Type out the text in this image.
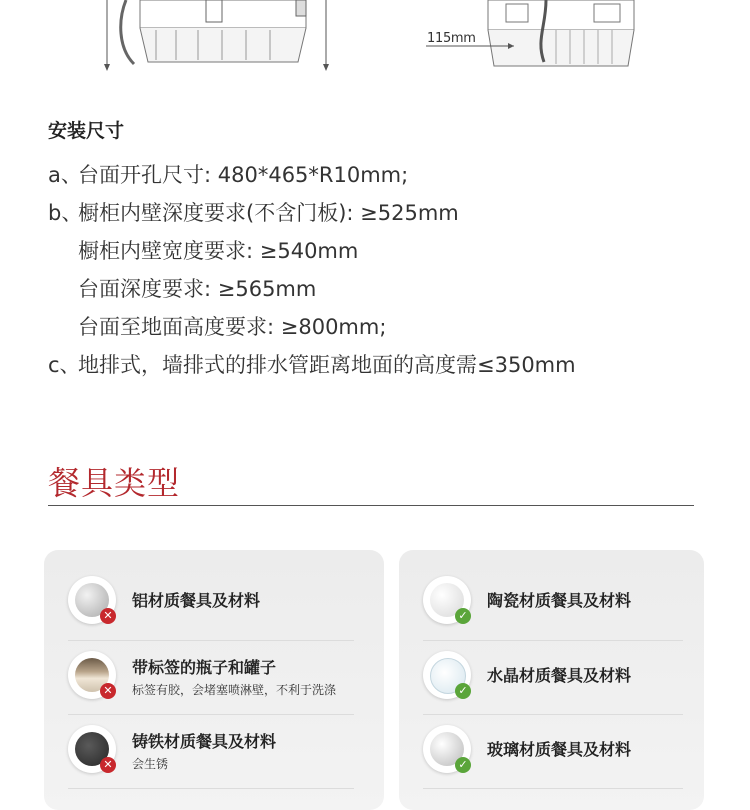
115mm
安装尺寸
a、台面开孔尺寸: 480*465*R10mm;
b、橱柜内壁深度要求(不含门板): ≥525mm
橱柜内壁宽度要求: ≥540mm
台面深度要求: ≥565mm
台面至地面高度要求: ≥800mm;
c、地排式，墙排式的排水管距离地面的高度需≤350mm
餐具类型
✕
铝材质餐具及材料
✕
带标签的瓶子和罐子
标签有胶，会堵塞喷淋壁，不利于洗涤
✕
铸铁材质餐具及材料
会生锈
✓
陶瓷材质餐具及材料
✓
水晶材质餐具及材料
✓
玻璃材质餐具及材料
